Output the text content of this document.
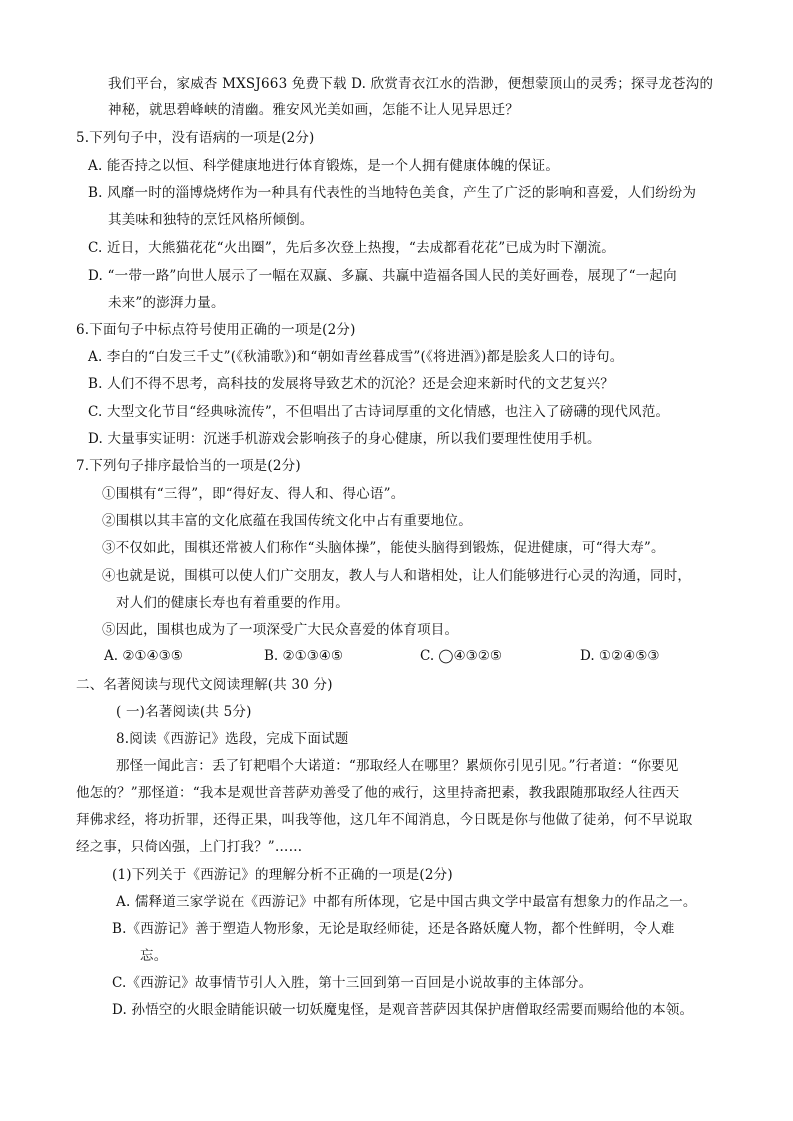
我们平台，家威杏 MXSJ663 免费下载 D. 欣赏青衣江水的浩渺，便想蒙顶山的灵秀；探寻龙苍沟的
神秘，就思碧峰峡的清幽。雅安风光美如画，怎能不让人见异思迁？
5.下列句子中，没有语病的一项是(2分)
A. 能否持之以恒、科学健康地进行体育锻炼，是一个人拥有健康体魄的保证。
B. 风靡一时的淄博烧烤作为一种具有代表性的当地特色美食，产生了广泛的影响和喜爱，人们纷纷为
其美味和独特的烹饪风格所倾倒。
C. 近日，大熊猫花花“火出圈”，先后多次登上热搜，“去成都看花花”已成为时下潮流。
D. “一带一路”向世人展示了一幅在双赢、多赢、共赢中造福各国人民的美好画卷，展现了“一起向
未来”的澎湃力量。
6.下面句子中标点符号使用正确的一项是(2分)
A. 李白的“白发三千丈”(《秋浦歌》)和“朝如青丝暮成雪”(《将进酒》)都是脍炙人口的诗句。
B. 人们不得不思考，高科技的发展将导致艺术的沉沦？还是会迎来新时代的文艺复兴？
C. 大型文化节目“经典咏流传”，不但唱出了古诗词厚重的文化情感，也注入了磅礴的现代风范。
D. 大量事实证明：沉迷手机游戏会影响孩子的身心健康，所以我们要理性使用手机。
7.下列句子排序最恰当的一项是(2分)
①围棋有“三得”，即“得好友、得人和、得心语”。
②围棋以其丰富的文化底蕴在我国传统文化中占有重要地位。
③不仅如此，围棋还常被人们称作“头脑体操”，能使头脑得到锻炼，促进健康，可“得大寿”。
④也就是说，围棋可以使人们广交朋友，教人与人和谐相处，让人们能够进行心灵的沟通，同时，
对人们的健康长寿也有着重要的作用。
⑤因此，围棋也成为了一项深受广大民众喜爱的体育项目。
A. ②①④③⑤	B. ②①③④⑤	C. ◯④③②⑤	D. ①②④⑤③
二、名著阅读与现代文阅读理解(共 30 分)
( 一)名著阅读(共 5分)
8.阅读《西游记》选段，完成下面试题
那怪一闻此言：丢了钉耙唱个大诺道：“那取经人在哪里？累烦你引见引见。”行者道：“你要见
他怎的？”那怪道：“我本是观世音菩萨劝善受了他的戒行，这里持斋把素，教我跟随那取经人往西天
拜佛求经，将功折罪，还得正果，叫我等他，这几年不闻消息，今日既是你与他做了徒弟，何不早说取
经之事，只倚凶强，上门打我？”……
(1)下列关于《西游记》的理解分析不正确的一项是(2分)
A. 儒释道三家学说在《西游记》中都有所体现，它是中国古典文学中最富有想象力的作品之一。
B.《西游记》善于塑造人物形象，无论是取经师徒，还是各路妖魔人物，都个性鲜明，令人难
忘。
C.《西游记》故事情节引人入胜，第十三回到第一百回是小说故事的主体部分。
D. 孙悟空的火眼金睛能识破一切妖魔鬼怪，是观音菩萨因其保护唐僧取经需要而赐给他的本领。
